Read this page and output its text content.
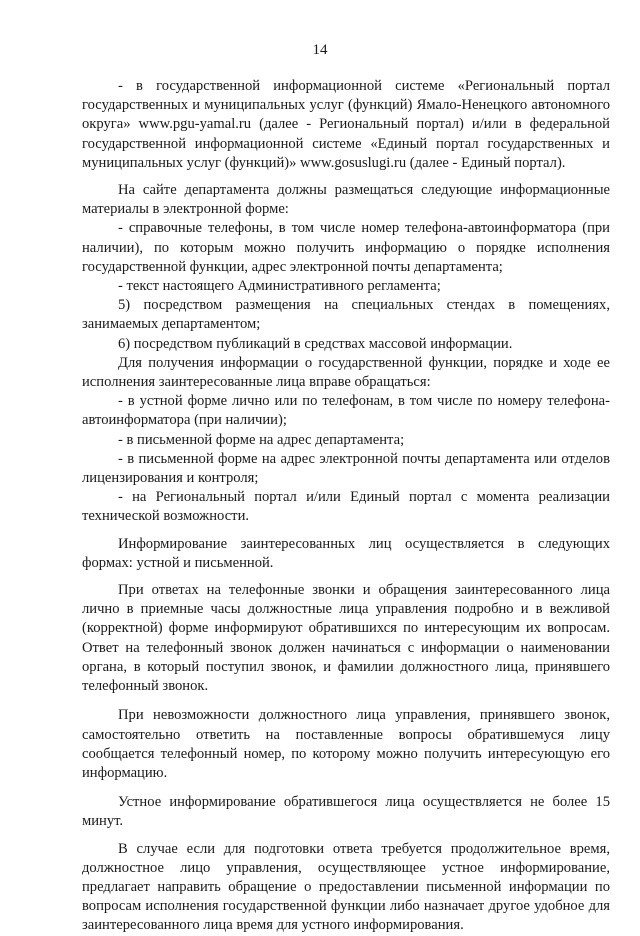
14

- в государственной информационной системе «Региональный портал государственных и муниципальных услуг (функций) Ямало-Ненецкого автономного округа» www.pgu-yamal.ru (далее - Региональный портал) и/или в федеральной государственной информационной системе «Единый портал государственных и муниципальных услуг (функций)» www.gosuslugi.ru (далее - Единый портал).

На сайте департамента должны размещаться следующие информационные материалы в электронной форме:

- справочные телефоны, в том числе номер телефона-автоинформатора (при наличии), по которым можно получить информацию о порядке исполнения государственной функции, адрес электронной почты департамента;

- текст настоящего Административного регламента;

5) посредством размещения на специальных стендах в помещениях, занимаемых департаментом;

6) посредством публикаций в средствах массовой информации.

Для получения информации о государственной функции, порядке и ходе ее исполнения заинтересованные лица вправе обращаться:

- в устной форме лично или по телефонам, в том числе по номеру телефона-автоинформатора (при наличии);

- в письменной форме на адрес департамента;

- в письменной форме на адрес электронной почты департамента или отделов лицензирования и контроля;

- на Региональный портал и/или Единый портал с момента реализации технической возможности.

Информирование заинтересованных лиц осуществляется в следующих формах: устной и письменной.

При ответах на телефонные звонки и обращения заинтересованного лица лично в приемные часы должностные лица управления подробно и в вежливой (корректной) форме информируют обратившихся по интересующим их вопросам. Ответ на телефонный звонок должен начинаться с информации о наименовании органа, в который поступил звонок, и фамилии должностного лица, принявшего телефонный звонок.

При невозможности должностного лица управления, принявшего звонок, самостоятельно ответить на поставленные вопросы обратившемуся лицу сообщается телефонный номер, по которому можно получить интересующую его информацию.

Устное информирование обратившегося лица осуществляется не более 15 минут.

В случае если для подготовки ответа требуется продолжительное время, должностное лицо управления, осуществляющее устное информирование, предлагает направить обращение о предоставлении письменной информации по вопросам исполнения государственной функции либо назначает другое удобное для заинтересованного лица время для устного информирования.
